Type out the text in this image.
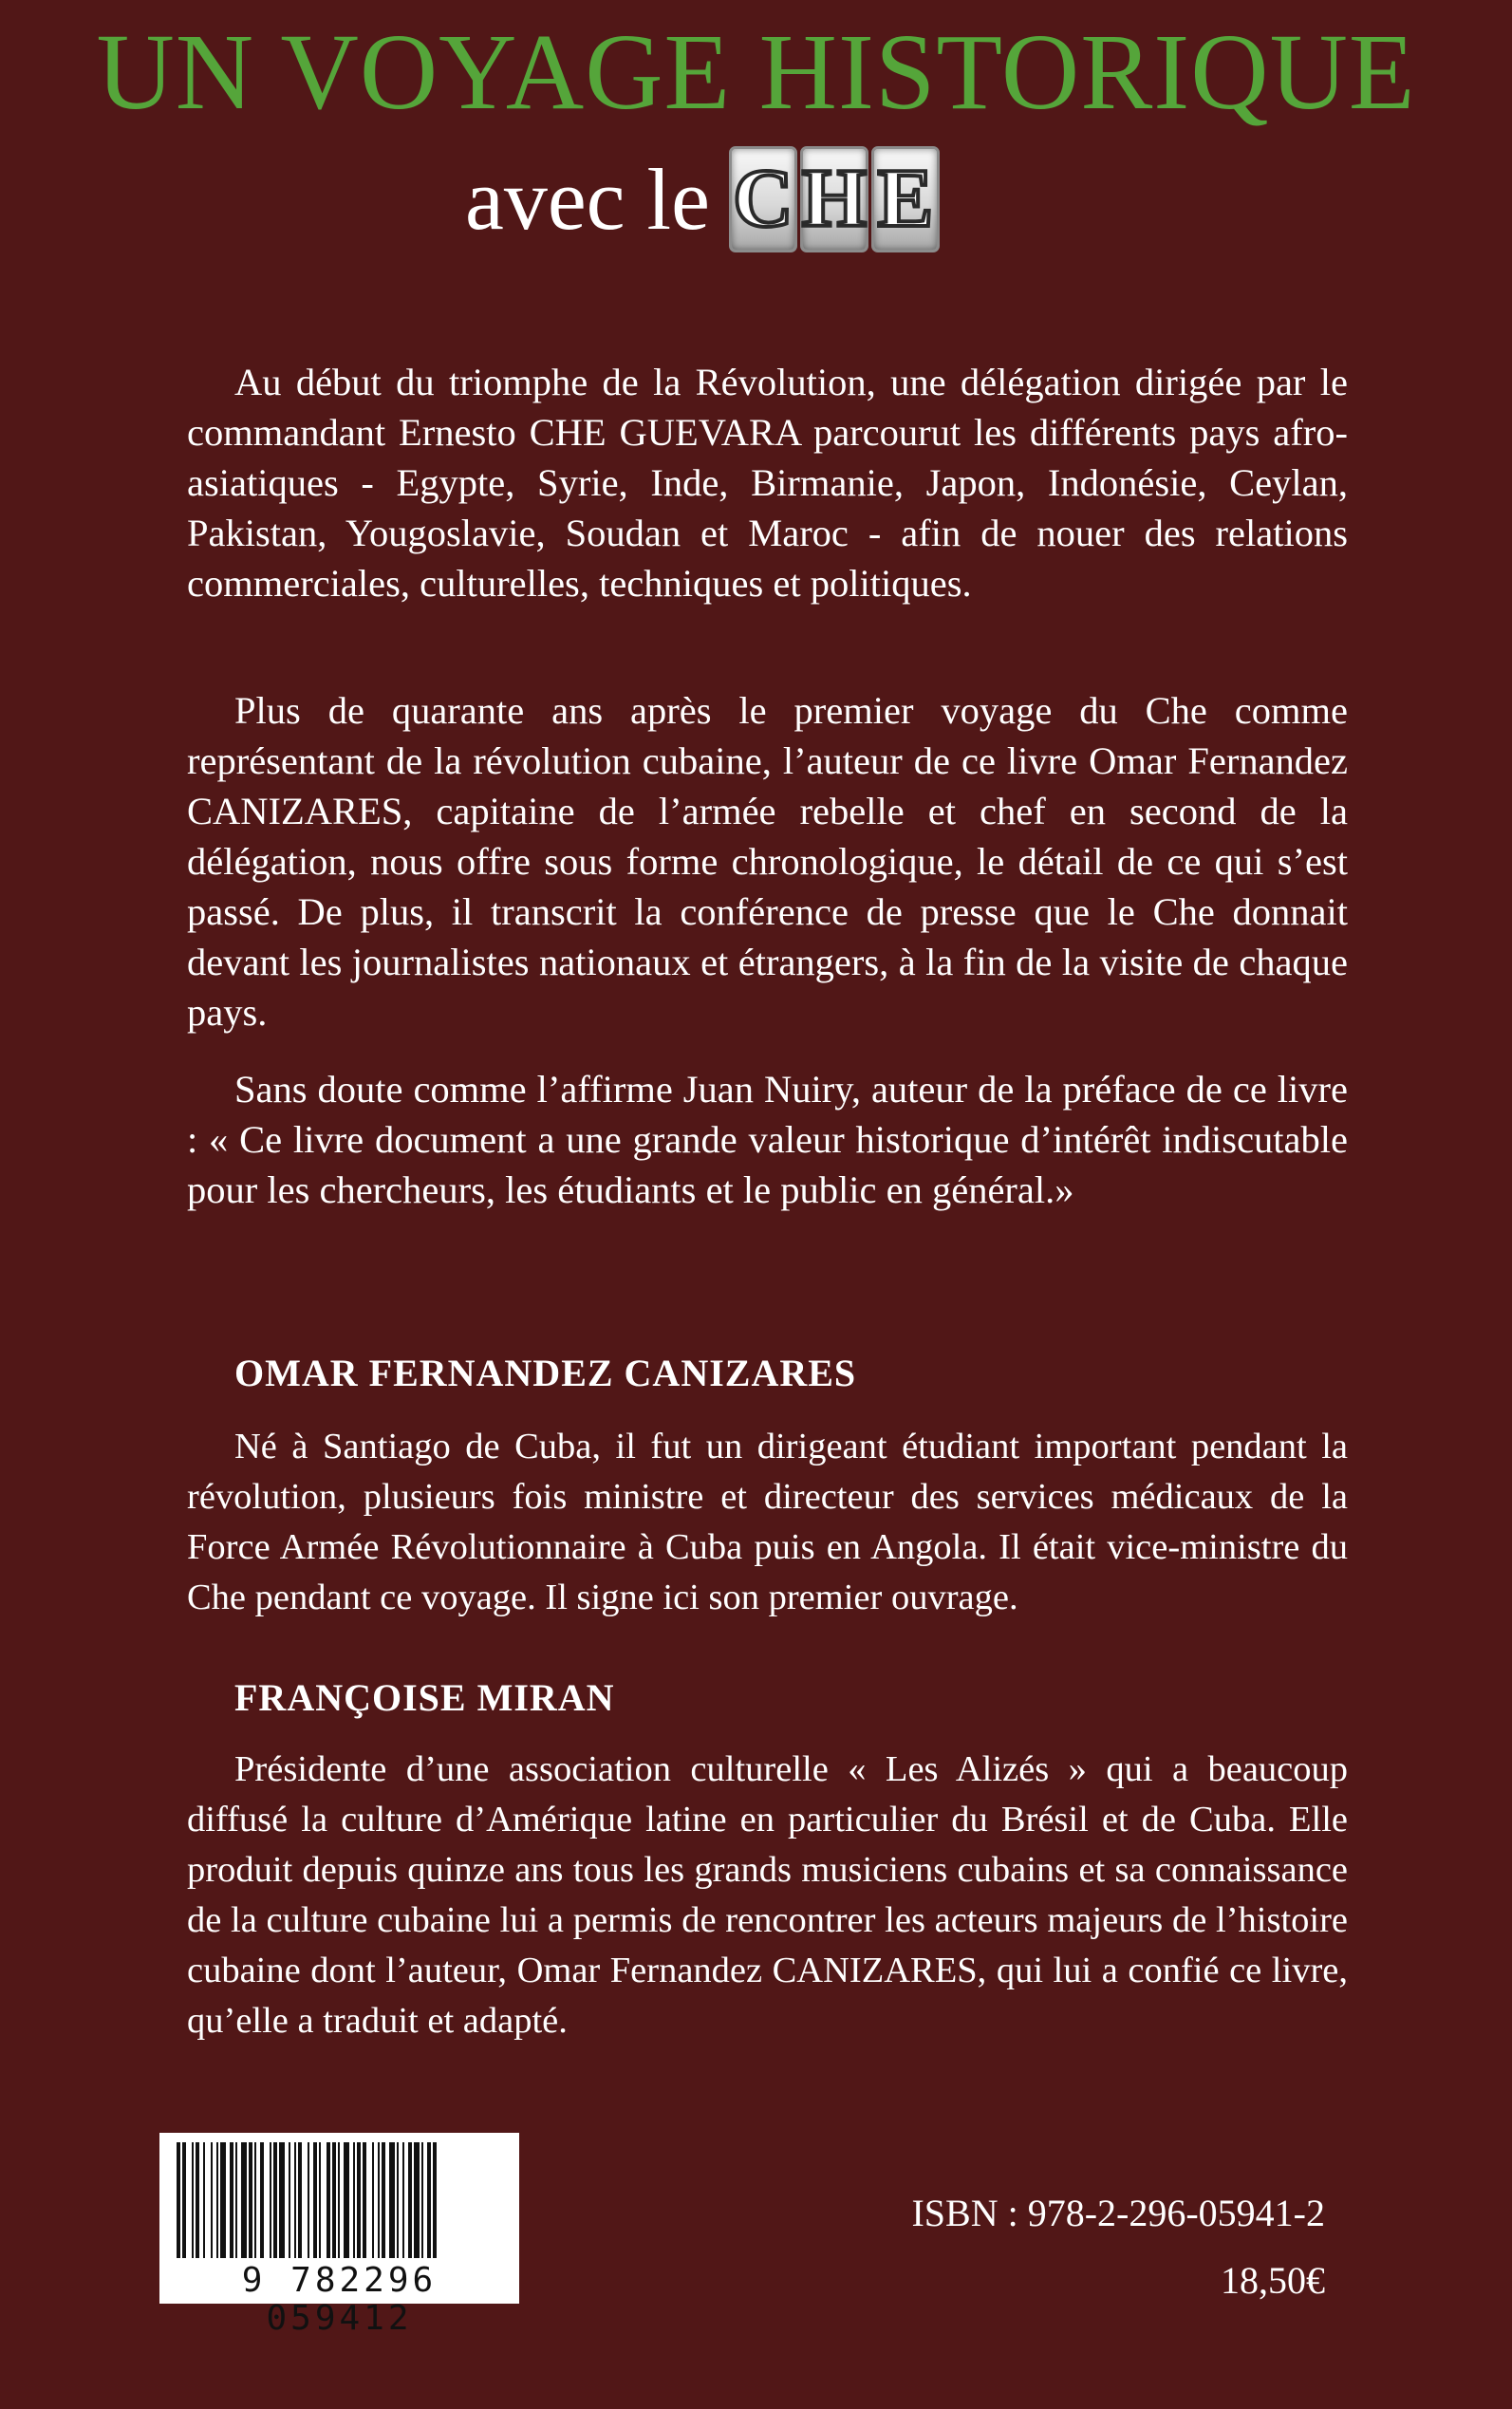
UN VOYAGE HISTORIQUE
avec le C H E

Au début du triomphe de la Révolution, une délégation dirigée par le commandant Ernesto CHE GUEVARA parcourut les différents pays afro-asiatiques - Egypte, Syrie, Inde, Birmanie, Japon, Indonésie, Ceylan, Pakistan, Yougoslavie, Soudan et Maroc - afin de nouer des relations commerciales, culturelles, techniques et politiques.

Plus de quarante ans après le premier voyage du Che comme représentant de la révolution cubaine, l’auteur de ce livre Omar Fernandez CANIZARES, capitaine de l’armée rebelle et chef en second de la délégation, nous offre sous forme chronologique, le détail de ce qui s’est passé. De plus, il transcrit la conférence de presse que le Che donnait devant les journalistes nationaux et étrangers, à la fin de la visite de chaque pays.

Sans doute comme l’affirme Juan Nuiry, auteur de la préface de ce livre : « Ce livre document a une grande valeur historique d’intérêt indiscutable pour les chercheurs, les étudiants et le public en général.»

OMAR FERNANDEZ CANIZARES

Né à Santiago de Cuba, il fut un dirigeant étudiant important pendant la révolution, plusieurs fois ministre et directeur des services médicaux de la Force Armée Révolutionnaire à Cuba puis en Angola. Il était vice-ministre du Che pendant ce voyage. Il signe ici son premier ouvrage.

FRANÇOISE MIRAN

Présidente d’une association culturelle « Les Alizés » qui a beaucoup diffusé la culture d’Amérique latine en particulier du Brésil et de Cuba. Elle produit depuis quinze ans tous les grands musiciens cubains et sa connaissance de la culture cubaine lui a permis de rencontrer les acteurs majeurs de l’histoire cubaine dont l’auteur, Omar Fernandez CANIZARES, qui lui a confié ce livre, qu’elle a traduit et adapté.

9 782296 059412
ISBN : 978-2-296-05941-2
18,50€
